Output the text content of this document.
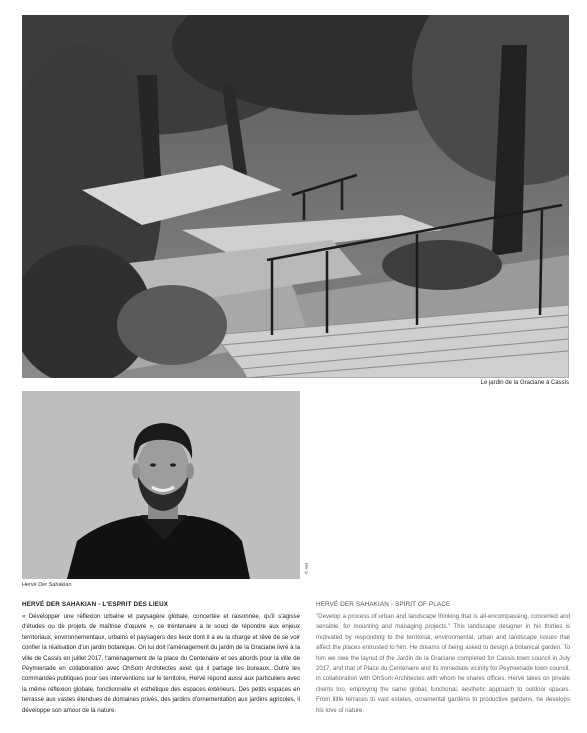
Le jardin de la Graciane à Cassis
© AM
Hervé Der Sahakian

HERVÉ DER SAHAKIAN - L'ESPRIT DES LIEUX

« Développer une réflexion urbaine et paysagère globale, concertée et raisonnée, qu'il s'agisse d'études ou de projets de maîtrise d'œuvre », ce trentenaire a le souci de répondre aux enjeux territoriaux, environnementaux, urbains et paysagers des lieux dont il a eu la charge et rêve de se voir confier la réalisation d'un jardin botanique. On lui doit l'aménagement du jardin de la Graciane livré à la ville de Cassis en juillet 2017, l'aménagement de la place du Centenaire et ses abords pour la ville de Peymeinade en collaboration avec OhSom Architectes avec qui il partage les bureaux. Outre les commandes publiques pour ses interventions sur le territoire, Hervé répond aussi aux particuliers avec la même réflexion globale, fonctionnelle et esthétique des espaces extérieurs. Des petits espaces en terrasse aux vastes étendues de domaines privés, des jardins d'ornementation aux jardins agricoles, il développe son amour de la nature.

HERVÉ DER SAHAKIAN - SPIRIT OF PLACE

"Develop a process of urban and landscape thinking that is all-encompassing, concerted and sensible, for mounting and managing projects." This landscape designer in his thirties is motivated by responding to the territorial, environmental, urban and landscape issues that affect the places entrusted to him. He dreams of being asked to design a botanical garden. To him we owe the layout of the Jardin de la Graciane completed for Cassis town council in July 2017, and that of Place du Centenaire and its immediate vicinity for Peymeinade town council, in collaboration with OhSom Architectes with whom he shares offices. Hervé takes on private clients too, employing the same global, functional, aesthetic approach to outdoor spaces. From little terraces to vast estates, ornamental gardens to productive gardens, he develops his love of nature.
